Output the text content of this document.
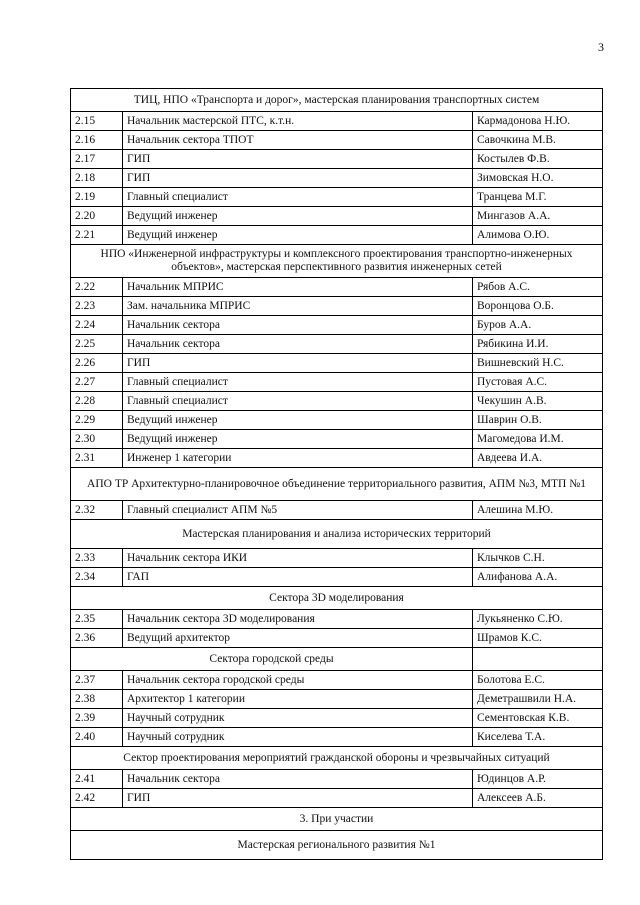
3
ТИЦ, НПО «Транспорта и дорог», мастерская планирования транспортных систем		
2.15	Начальник мастерской ПТС, к.т.н.	Кармадонова Н.Ю.
2.16	Начальник сектора ТПОТ	Савочкина М.В.
2.17	ГИП	Костылев Ф.В.
2.18	ГИП	Зимовская Н.О.
2.19	Главный специалист	Транцева М.Г.
2.20	Ведущий инженер	Мингазов А.А.
2.21	Ведущий инженер	Алимова О.Ю.
НПО «Инженерной инфраструктуры и комплексного проектирования транспортно-инженерных объектов», мастерская перспективного развития инженерных сетей		
2.22	Начальник МПРИС	Рябов А.С.
2.23	Зам. начальника МПРИС	Воронцова О.Б.
2.24	Начальник сектора	Буров А.А.
2.25	Начальник сектора	Рябикина И.И.
2.26	ГИП	Вишневский Н.С.
2.27	Главный специалист	Пустовая А.С.
2.28	Главный специалист	Чекушин А.В.
2.29	Ведущий инженер	Шаврин О.В.
2.30	Ведущий инженер	Магомедова И.М.
2.31	Инженер 1 категории	Авдеева И.А.
АПО ТР Архитектурно-планировочное объединение территориального развития, АПМ №3, МТП №1		
2.32	Главный специалист АПМ №5	Алешина М.Ю.
Мастерская планирования и анализа исторических территорий		
2.33	Начальник сектора ИКИ	Клычков С.Н.
2.34	ГАП	Алифанова А.А.
Сектора 3D моделирования		
2.35	Начальник сектора 3D моделирования	Лукьяненко С.Ю.
2.36	Ведущий архитектор	Шрамов К.С.
Сектора городской среды		
2.37	Начальник сектора городской среды	Болотова Е.С.
2.38	Архитектор 1 категории	Деметрашвили Н.А.
2.39	Научный сотрудник	Сементовская К.В.
2.40	Научный сотрудник	Киселева Т.А.
Сектор проектирования мероприятий гражданской обороны и чрезвычайных ситуаций		
2.41	Начальник сектора	Юдинцов А.Р.
2.42	ГИП	Алексеев А.Б.
3. При участии		
Мастерская регионального развития №1		
